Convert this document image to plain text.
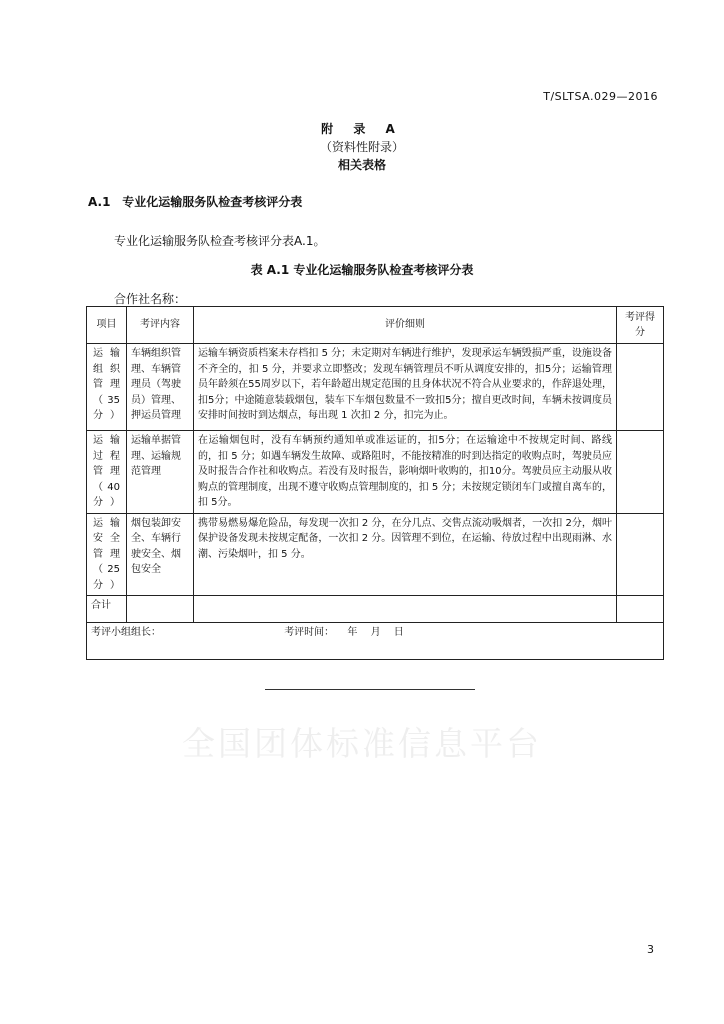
T/SLTSA.029—2016
附 录 A
（资料性附录）
相关表格
A.1 专业化运输服务队检查考核评分表
专业化运输服务队检查考核评分表A.1。
表 A.1 专业化运输服务队检查考核评分表
合作社名称：
项目	考评内容	评价细则	考评得分
运输组织管理（35分）	车辆组织管理、车辆管理员（驾驶员）管理、押运员管理	运输车辆资质档案未存档扣 5 分；未定期对车辆进行维护，发现承运车辆毁损严重，设施设备不齐全的，扣 5 分，并要求立即整改；发现车辆管理员不听从调度安排的，扣5分；运输管理员年龄须在55周岁以下，若年龄超出规定范围的且身体状况不符合从业要求的，作辞退处理，扣5分；中途随意装载烟包，装车下车烟包数量不一致扣5分；擅自更改时间，车辆未按调度员安排时间按时到达烟点，每出现 1 次扣 2 分，扣完为止。	
运输过程管理（40分）	运输单据管理、运输规范管理	在运输烟包时，没有车辆预约通知单或准运证的，扣5分；在运输途中不按规定时间、路线的，扣 5 分；如遇车辆发生故障、或路阻时，不能按精准的时到达指定的收购点时，驾驶员应及时报告合作社和收购点。若没有及时报告，影响烟叶收购的，扣10分。驾驶员应主动服从收购点的管理制度，出现不遵守收购点管理制度的，扣 5 分；未按规定锁闭车门或擅自离车的，扣 5分。	
运输安全管理（25分）	烟包装卸安全、车辆行驶安全、烟包安全	携带易燃易爆危险品，每发现一次扣 2 分，在分几点、交售点流动吸烟者，一次扣 2分，烟叶保护设备发现未按规定配备，一次扣 2 分。因管理不到位，在运输、待放过程中出现雨淋、水潮、污染烟叶，扣 5 分。	
合计			
考评小组组长： 考评时间： 年 月 日			
全国团体标准信息平台
3
